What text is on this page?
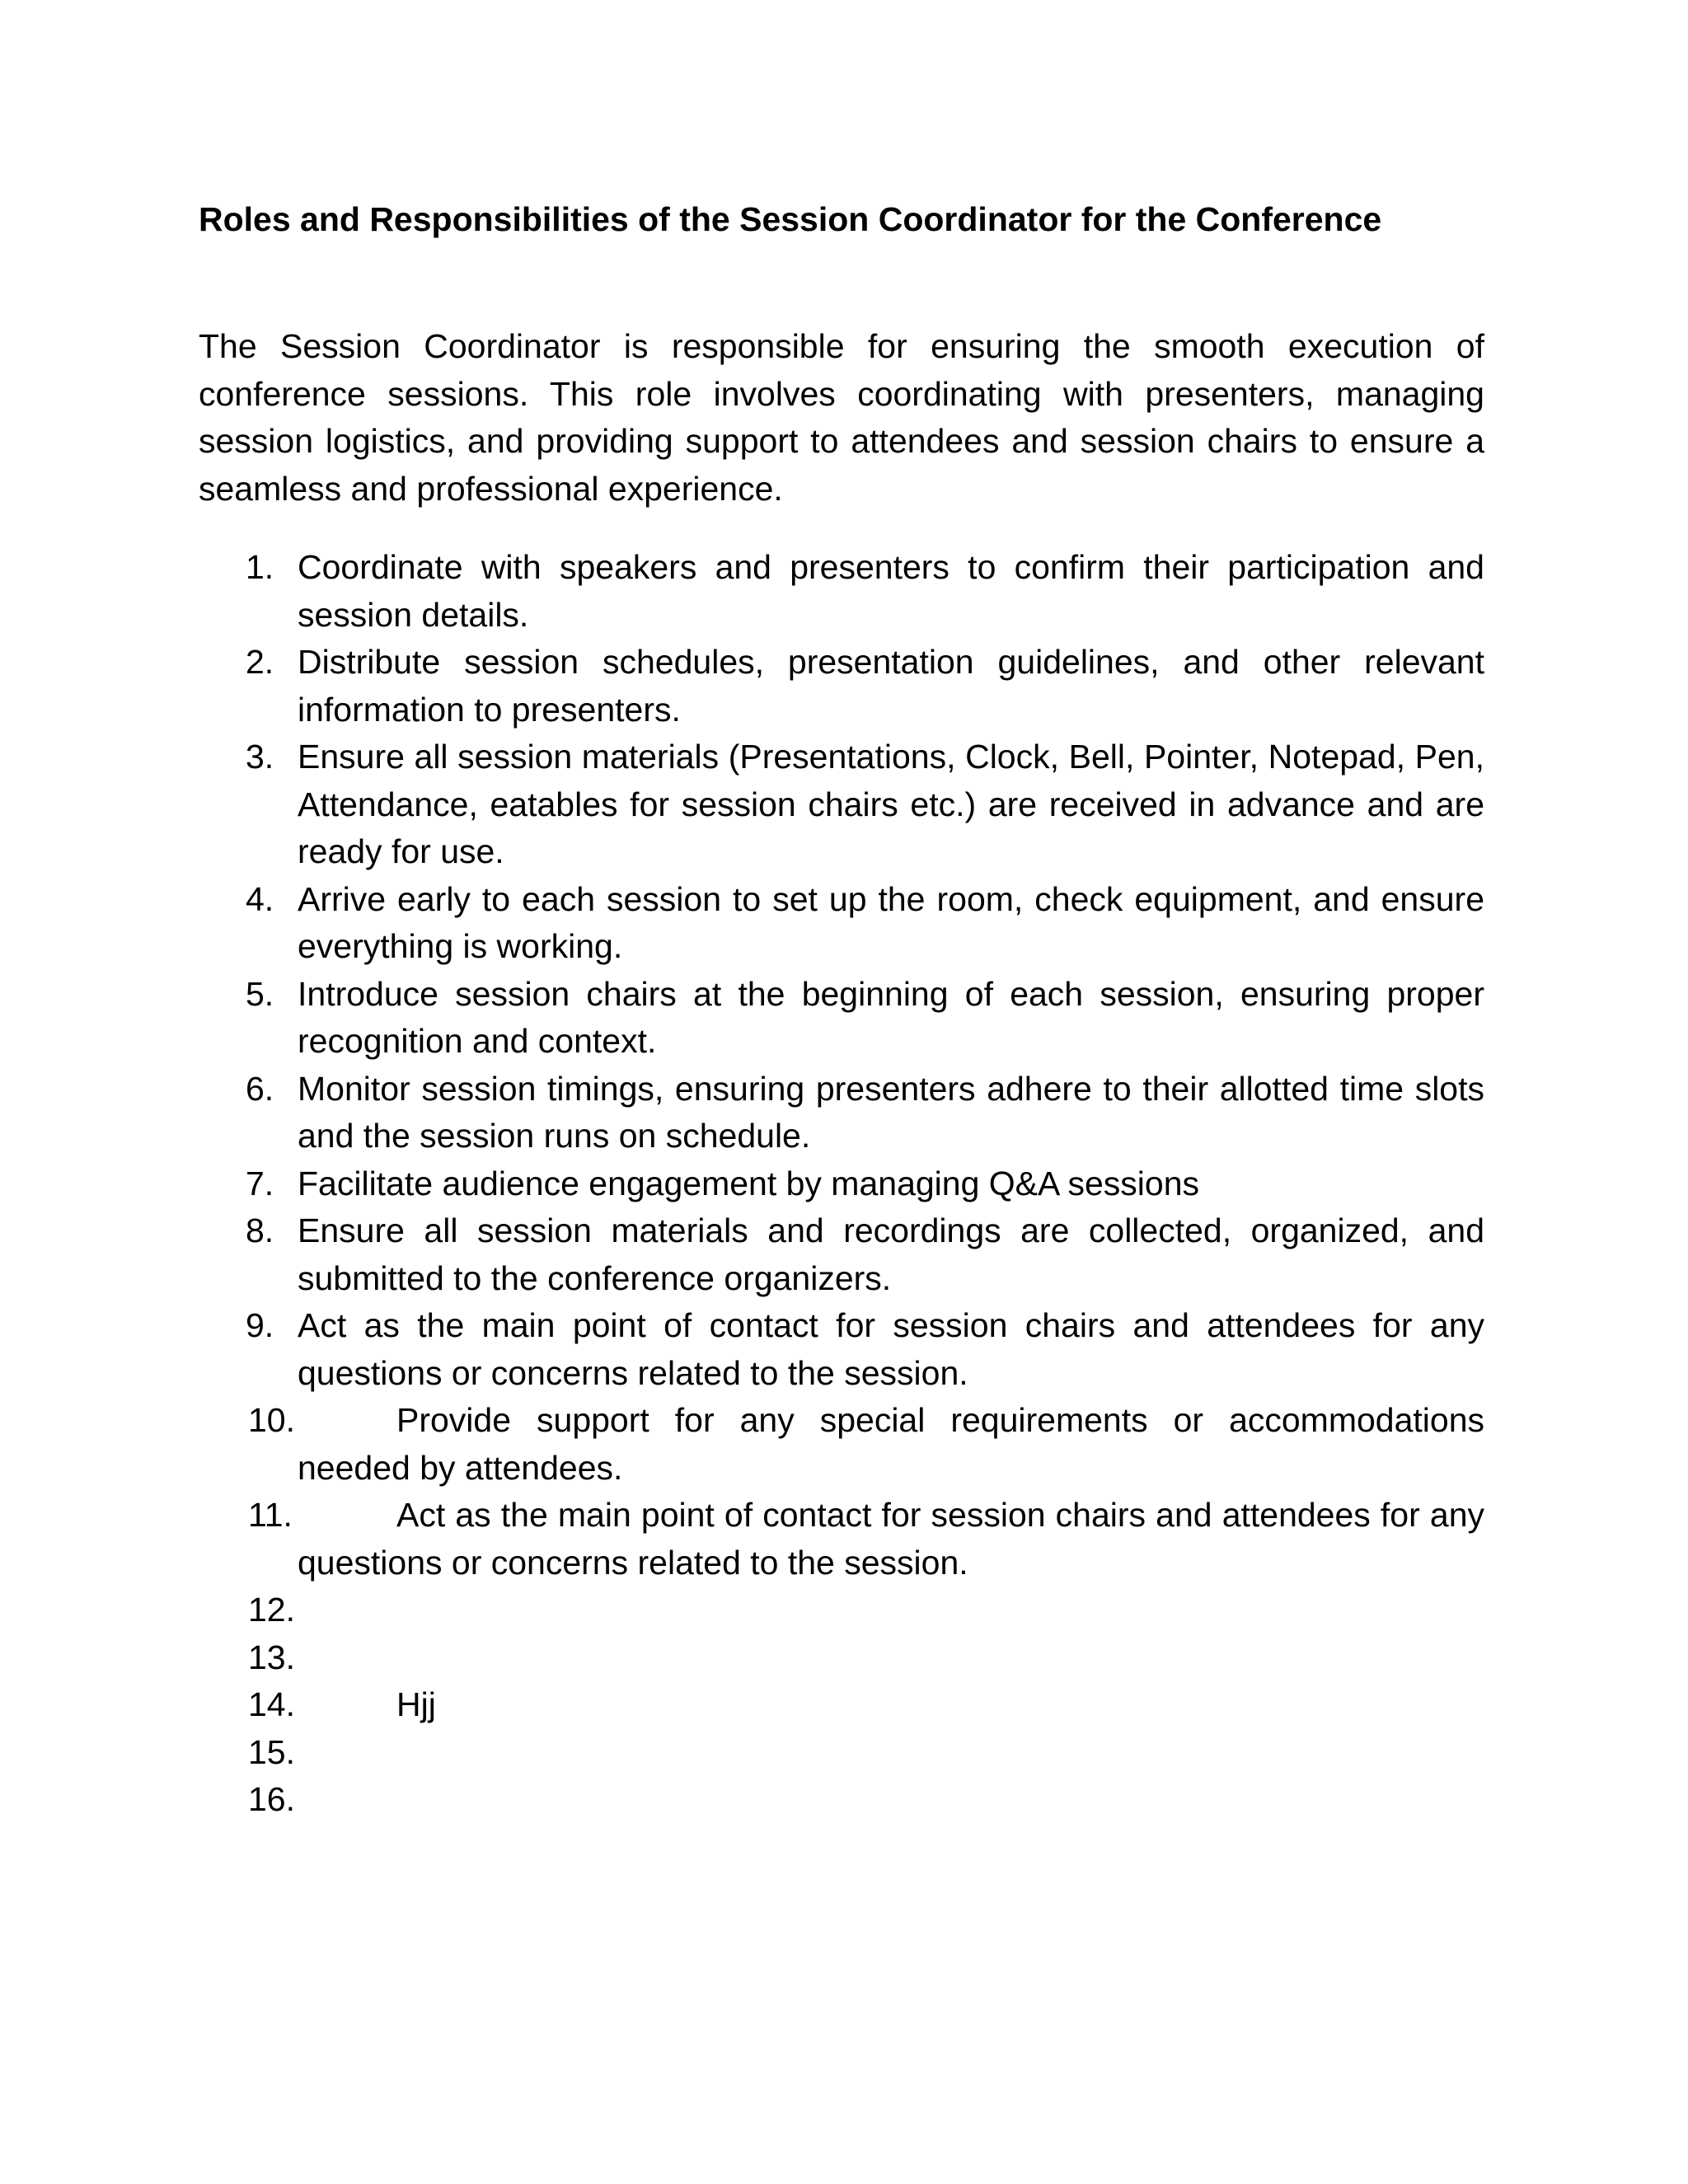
Roles and Responsibilities of the Session Coordinator for the Conference

The Session Coordinator is responsible for ensuring the smooth execution of conference sessions. This role involves coordinating with presenters, managing session logistics, and providing support to attendees and session chairs to ensure a seamless and professional experience.

1. Coordinate with speakers and presenters to confirm their participation and session details.
2. Distribute session schedules, presentation guidelines, and other relevant information to presenters.
3. Ensure all session materials (Presentations, Clock, Bell, Pointer, Notepad, Pen, Attendance, eatables for session chairs etc.) are received in advance and are ready for use.
4. Arrive early to each session to set up the room, check equipment, and ensure everything is working.
5. Introduce session chairs at the beginning of each session, ensuring proper recognition and context.
6. Monitor session timings, ensuring presenters adhere to their allotted time slots and the session runs on schedule.
7. Facilitate audience engagement by managing Q&A sessions
8. Ensure all session materials and recordings are collected, organized, and submitted to the conference organizers.
9. Act as the main point of contact for session chairs and attendees for any questions or concerns related to the session.
10.	Provide support for any special requirements or accommodations needed by attendees.
11.	Act as the main point of contact for session chairs and attendees for any questions or concerns related to the session.
12.
13.
14.	Hjj
15.
16.
